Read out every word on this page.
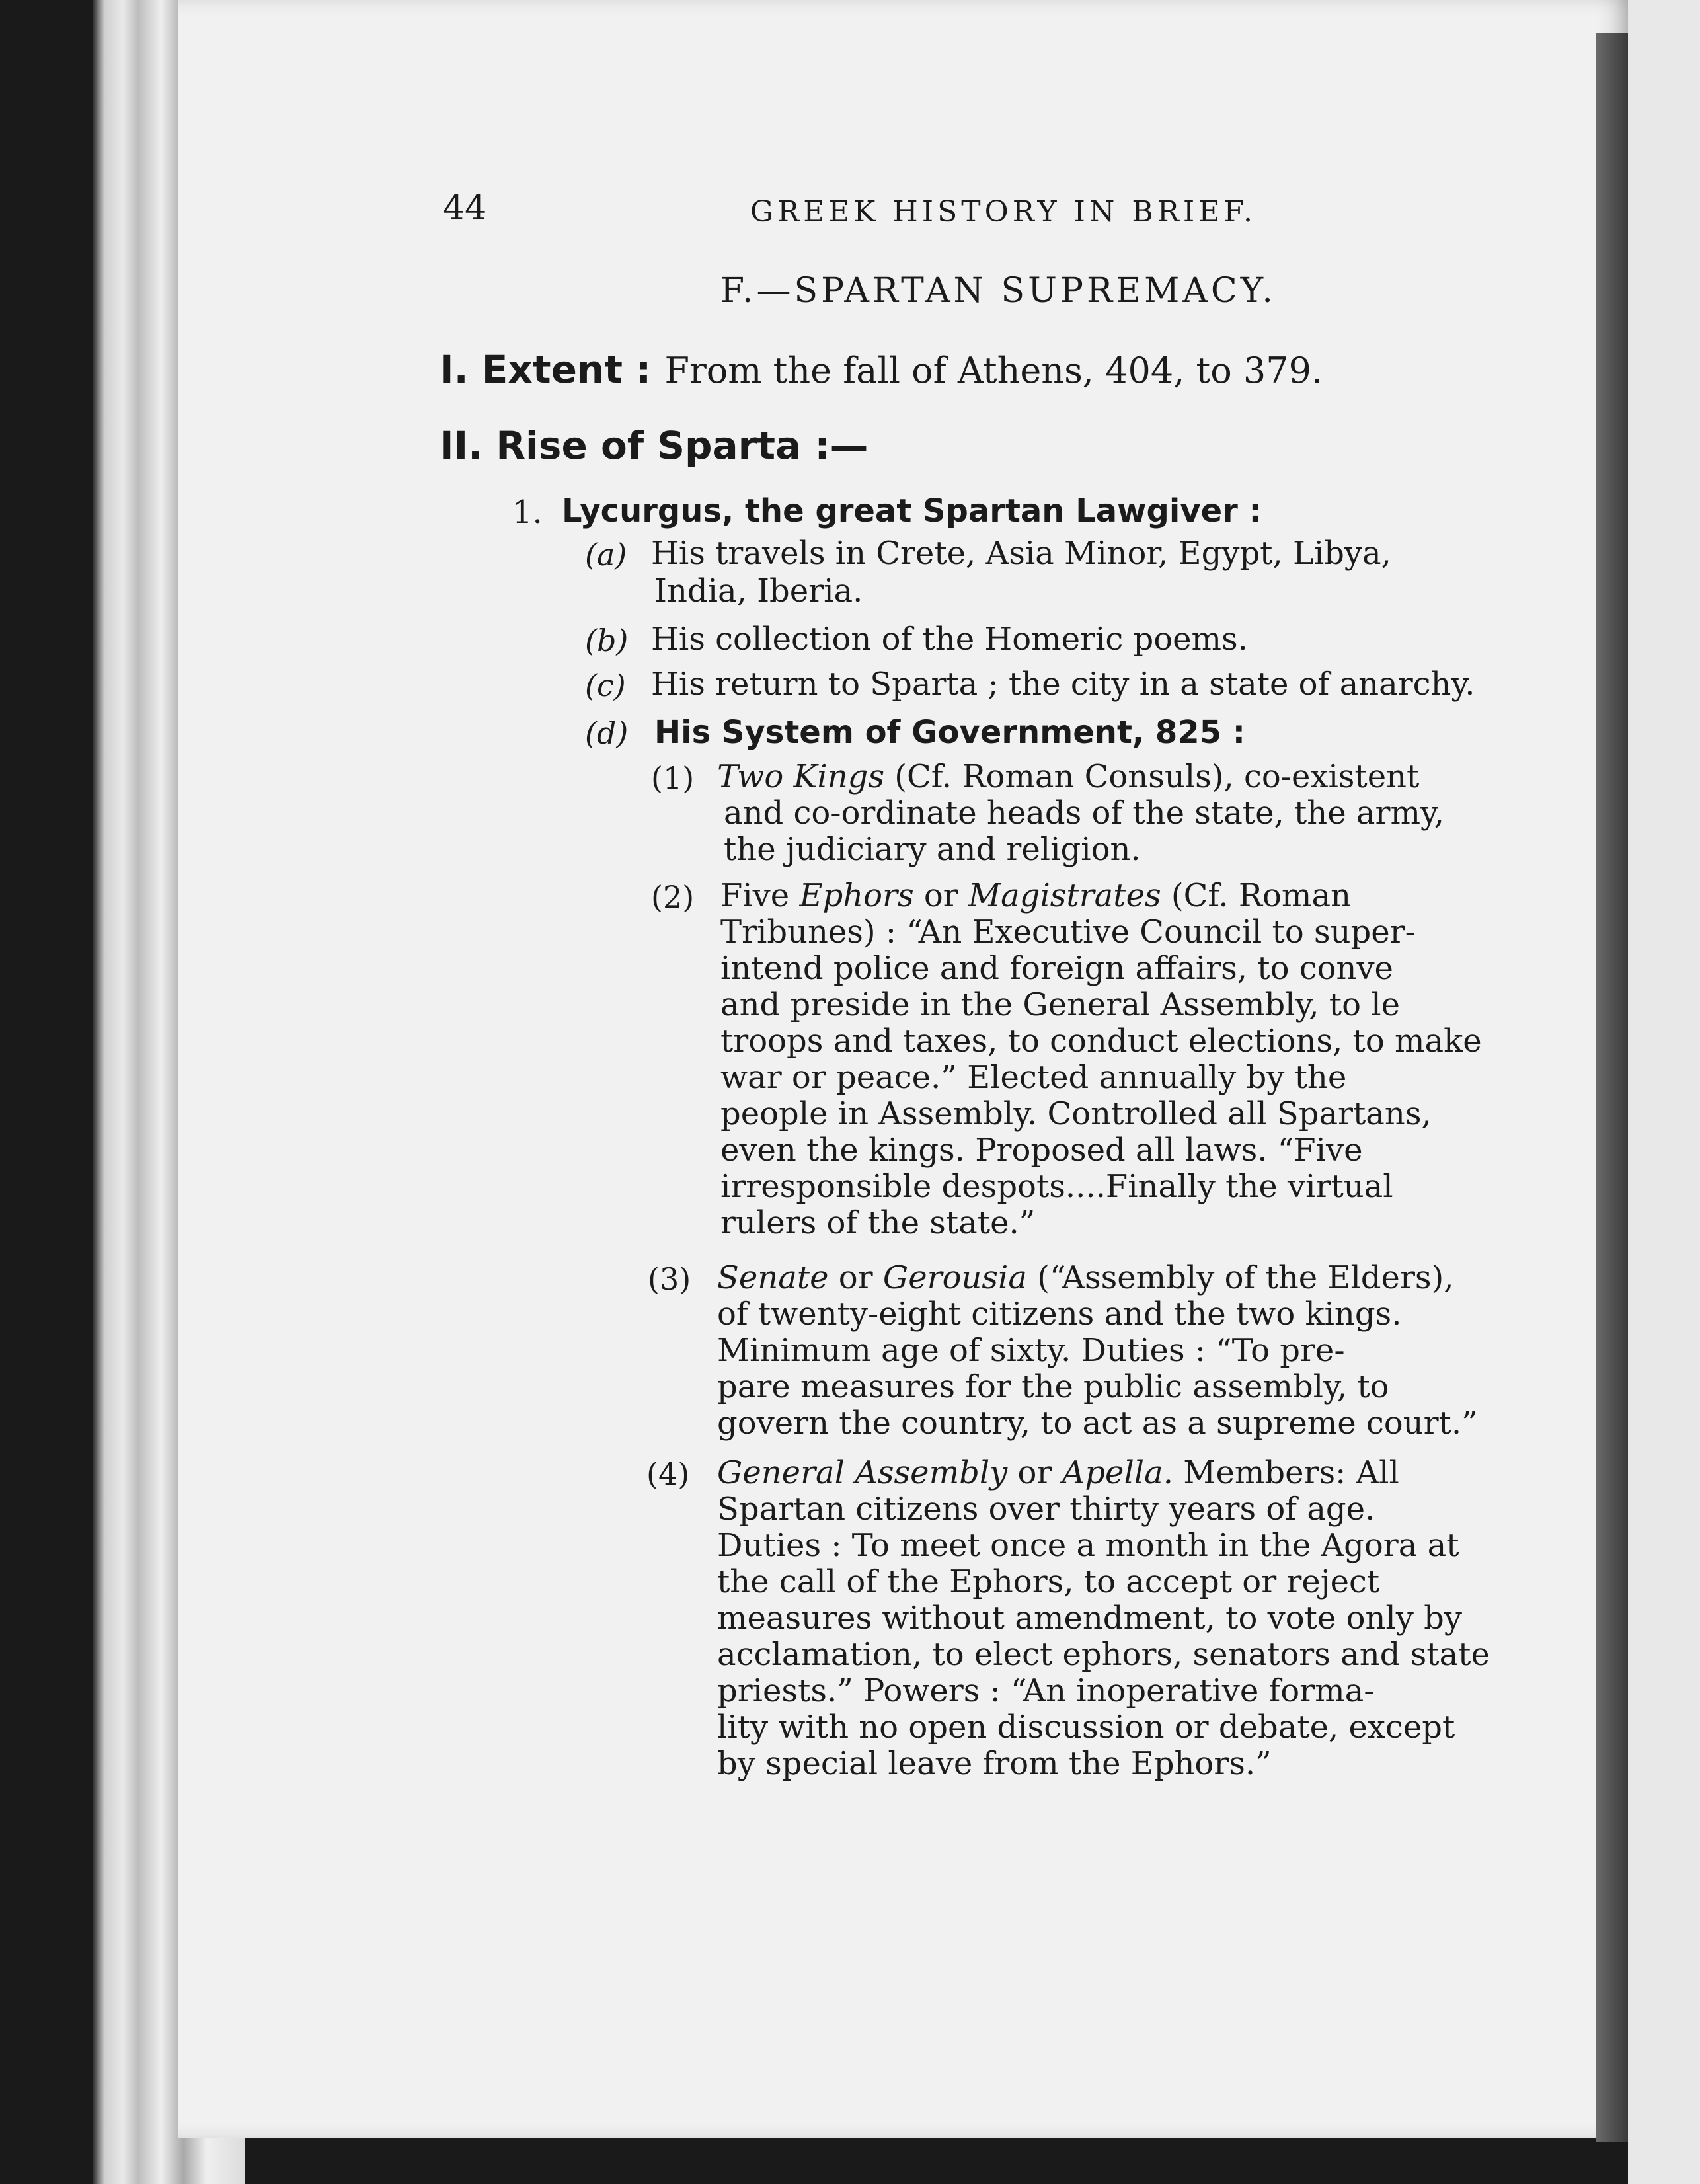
44	GREEK HISTORY IN BRIEF.
F.—SPARTAN SUPREMACY.
I. Extent : From the fall of Athens, 404, to 379.
II. Rise of Sparta :—
1. Lycurgus, the great Spartan Lawgiver :
(a) His travels in Crete, Asia Minor, Egypt, Libya,
India, Iberia.
(b) His collection of the Homeric poems.
(c) His return to Sparta ; the city in a state of anarchy.
(d) His System of Government, 825 :
(1) Two Kings (Cf. Roman Consuls), co-existent
and co-ordinate heads of the state, the army,
the judiciary and religion.
(2) Five Ephors or Magistrates (Cf. Roman
Tribunes) : “An Executive Council to super-
intend police and foreign affairs, to conve
and preside in the General Assembly, to le
troops and taxes, to conduct elections, to make
war or peace.” Elected annually by the
people in Assembly. Controlled all Spartans,
even the kings. Proposed all laws. “Five
irresponsible despots....Finally the virtual
rulers of the state.”
(3) Senate or Gerousia (“Assembly of the Elders),
of twenty-eight citizens and the two kings.
Minimum age of sixty. Duties : “To pre-
pare measures for the public assembly, to
govern the country, to act as a supreme court.”
(4) General Assembly or Apella. Members: All
Spartan citizens over thirty years of age.
Duties : To meet once a month in the Agora at
the call of the Ephors, to accept or reject
measures without amendment, to vote only by
acclamation, to elect ephors, senators and state
priests.” Powers : “An inoperative forma-
lity with no open discussion or debate, except
by special leave from the Ephors.”
